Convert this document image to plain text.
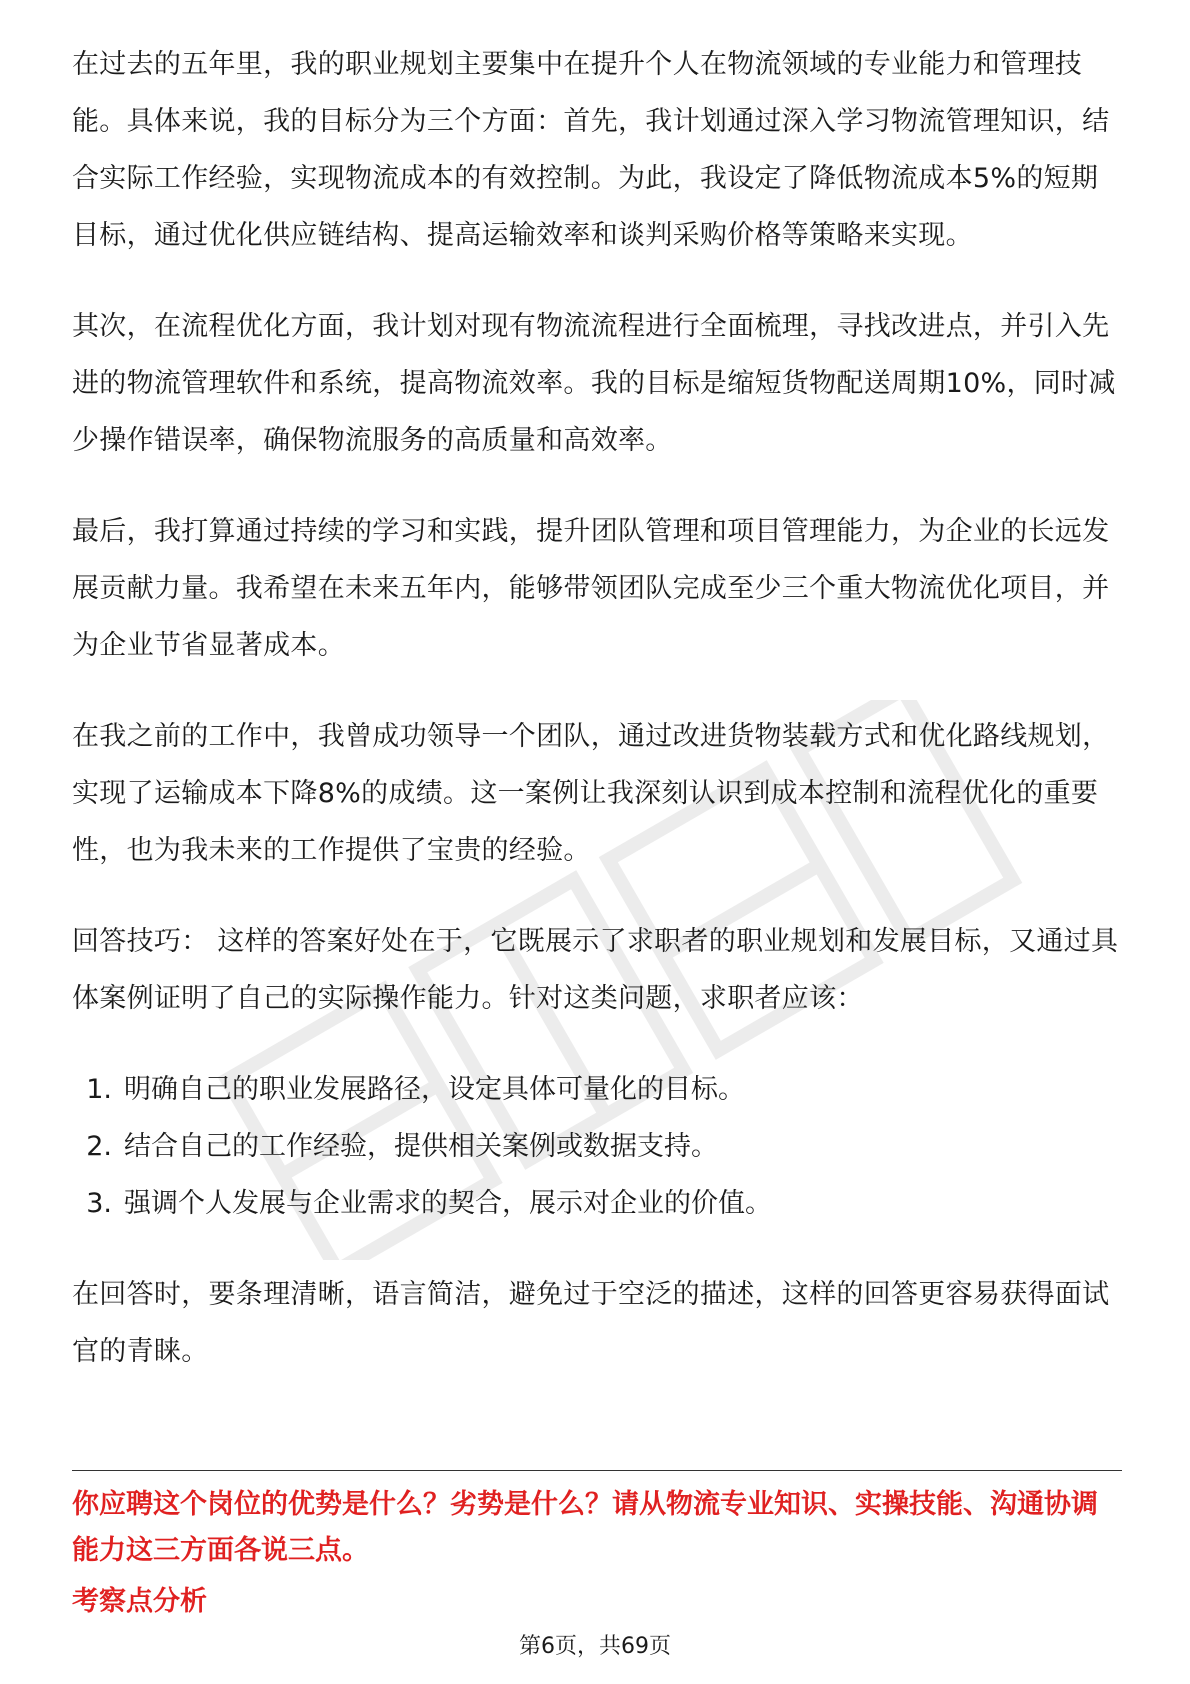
在过去的五年里，我的职业规划主要集中在提升个人在物流领域的专业能力和管理技能。具体来说，我的目标分为三个方面：首先，我计划通过深入学习物流管理知识，结合实际工作经验，实现物流成本的有效控制。为此，我设定了降低物流成本5%的短期目标，通过优化供应链结构、提高运输效率和谈判采购价格等策略来实现。

其次，在流程优化方面，我计划对现有物流流程进行全面梳理，寻找改进点，并引入先进的物流管理软件和系统，提高物流效率。我的目标是缩短货物配送周期10%，同时减少操作错误率，确保物流服务的高质量和高效率。

最后，我打算通过持续的学习和实践，提升团队管理和项目管理能力，为企业的长远发展贡献力量。我希望在未来五年内，能够带领团队完成至少三个重大物流优化项目，并为企业节省显著成本。

在我之前的工作中，我曾成功领导一个团队，通过改进货物装载方式和优化路线规划，实现了运输成本下降8%的成绩。这一案例让我深刻认识到成本控制和流程优化的重要性，也为我未来的工作提供了宝贵的经验。

回答技巧： 这样的答案好处在于，它既展示了求职者的职业规划和发展目标，又通过具体案例证明了自己的实际操作能力。针对这类问题，求职者应该：

1. 明确自己的职业发展路径，设定具体可量化的目标。
2. 结合自己的工作经验，提供相关案例或数据支持。
3. 强调个人发展与企业需求的契合，展示对企业的价值。

在回答时，要条理清晰，语言简洁，避免过于空泛的描述，这样的回答更容易获得面试官的青睐。

你应聘这个岗位的优势是什么？劣势是什么？请从物流专业知识、实操技能、沟通协调能力这三方面各说三点。

考察点分析

第6页，共69页
